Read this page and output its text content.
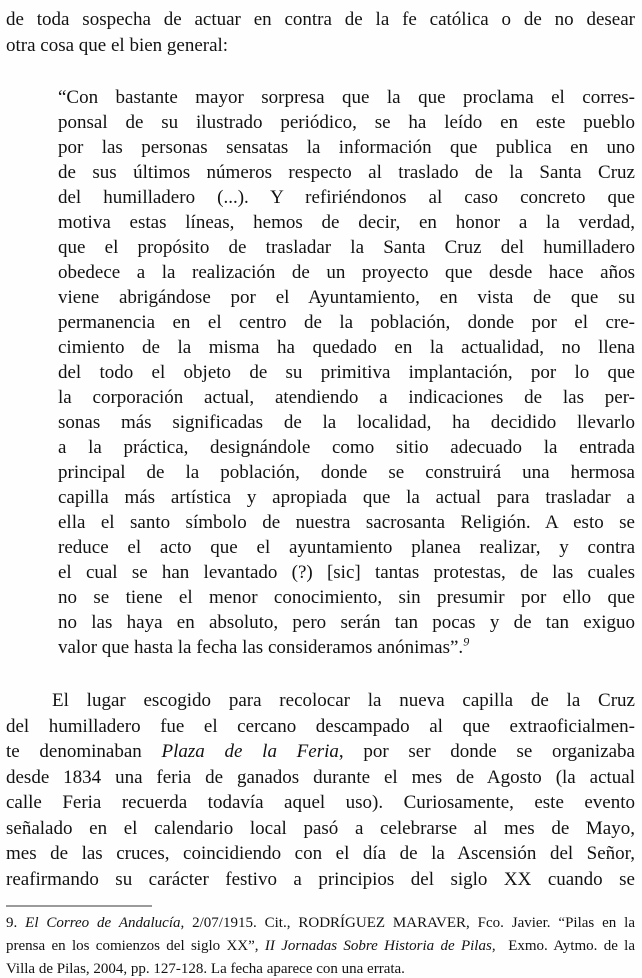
de toda sospecha de actuar en contra de la fe católica o de no desear
otra cosa que el bien general:
“Con bastante mayor sorpresa que la que proclama el corres-
ponsal de su ilustrado periódico, se ha leído en este pueblo
por las personas sensatas la información que publica en uno
de sus últimos números respecto al traslado de la Santa Cruz
del humilladero (...). Y refiriéndonos al caso concreto que
motiva estas líneas, hemos de decir, en honor a la verdad,
que el propósito de trasladar la Santa Cruz del humilladero
obedece a la realización de un proyecto que desde hace años
viene abrigándose por el Ayuntamiento, en vista de que su
permanencia en el centro de la población, donde por el cre-
cimiento de la misma ha quedado en la actualidad, no llena
del todo el objeto de su primitiva implantación, por lo que
la corporación actual, atendiendo a indicaciones de las per-
sonas más significadas de la localidad, ha decidido llevarlo
a la práctica, designándole como sitio adecuado la entrada
principal de la población, donde se construirá una hermosa
capilla más artística y apropiada que la actual para trasladar a
ella el santo símbolo de nuestra sacrosanta Religión. A esto se
reduce el acto que el ayuntamiento planea realizar, y contra
el cual se han levantado (?) [sic] tantas protestas, de las cuales
no se tiene el menor conocimiento, sin presumir por ello que
no las haya en absoluto, pero serán tan pocas y de tan exiguo
valor que hasta la fecha las consideramos anónimas”.$^9$
El lugar escogido para recolocar la nueva capilla de la Cruz
del humilladero fue el cercano descampado al que extraoficialmen-
te denominaban Plaza de la Feria, por ser donde se organizaba
desde 1834 una feria de ganados durante el mes de Agosto (la actual
calle Feria recuerda todavía aquel uso). Curiosamente, este evento
señalado en el calendario local pasó a celebrarse al mes de Mayo,
mes de las cruces, coincidiendo con el día de la Ascensión del Señor,
reafirmando su carácter festivo a principios del siglo XX cuando se
9. El Correo de Andalucía, 2/07/1915. Cit., RODRÍGUEZ MARAVER, Fco. Javier. “Pilas en la
prensa en los comienzos del siglo XX”, II Jornadas Sobre Historia de Pilas,  Exmo. Aytmo. de la
Villa de Pilas, 2004, pp. 127-128. La fecha aparece con una errata.
